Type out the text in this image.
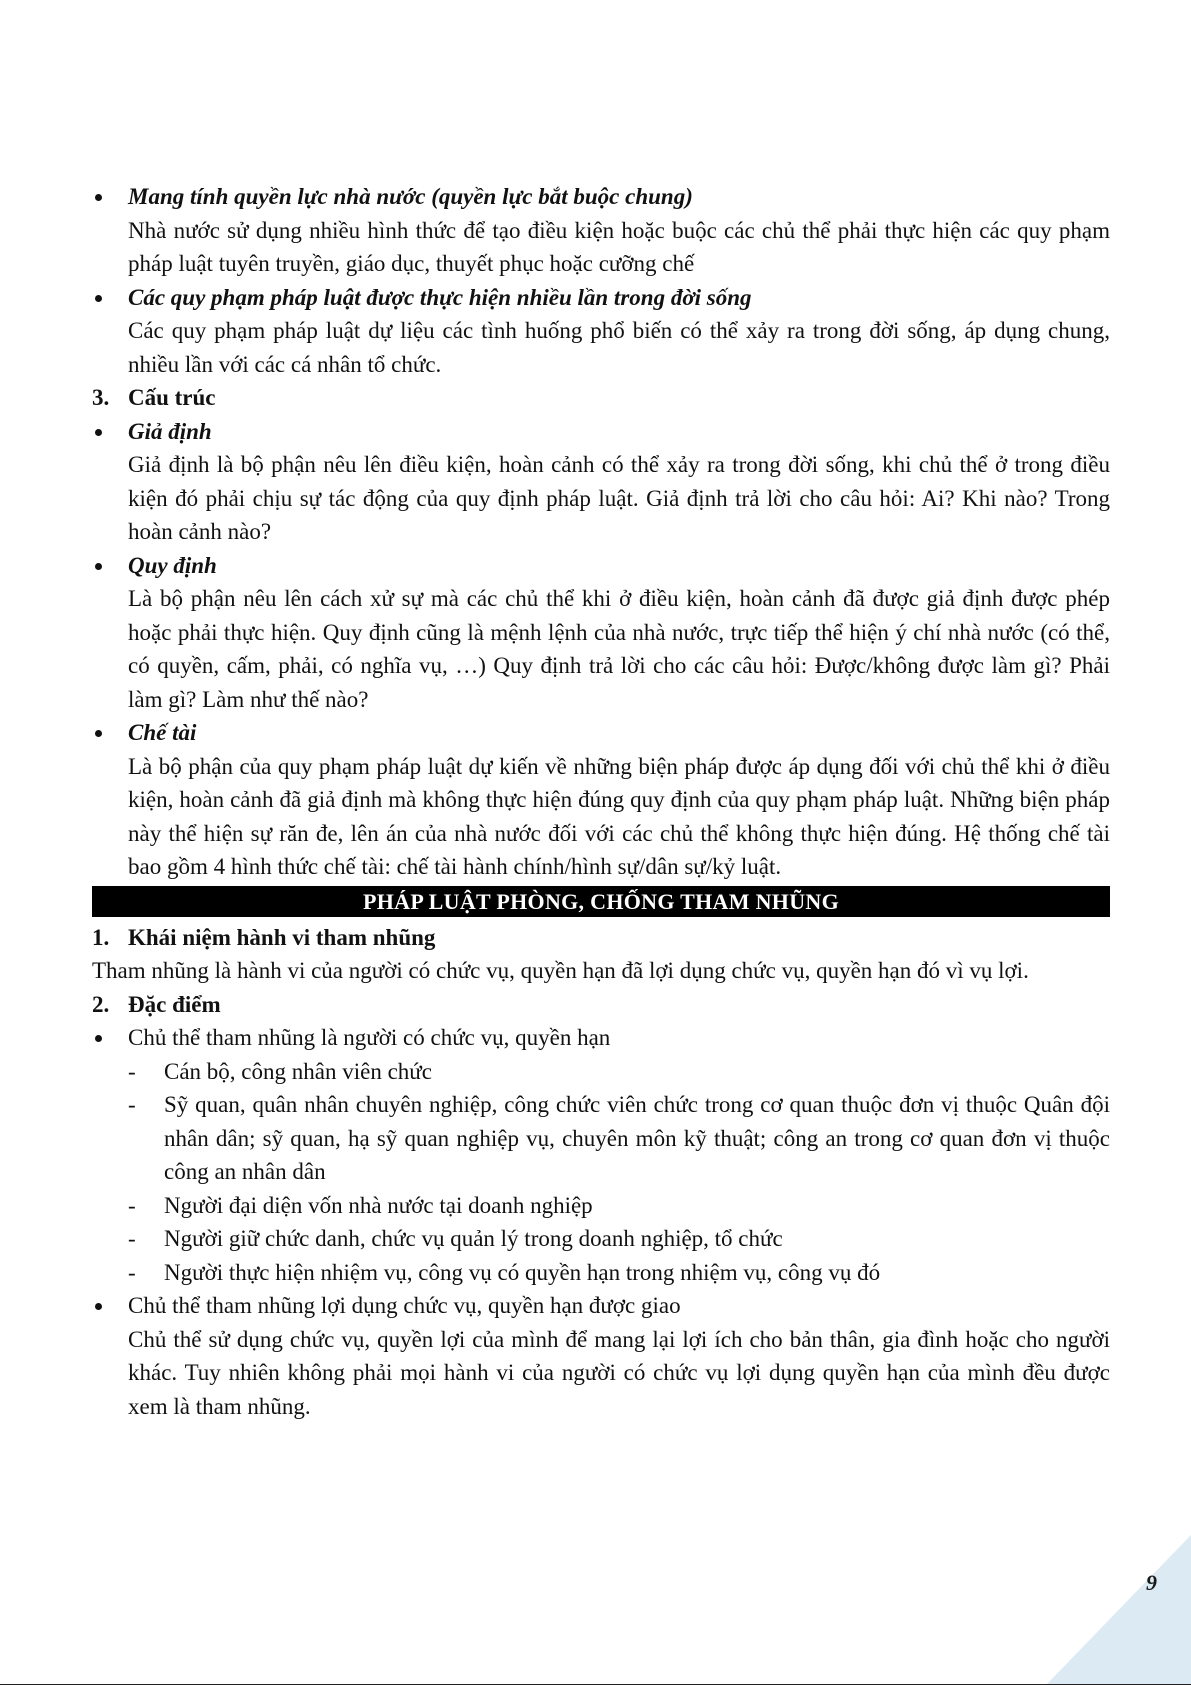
Mang tính quyền lực nhà nước (quyền lực bắt buộc chung)
Nhà nước sử dụng nhiều hình thức để tạo điều kiện hoặc buộc các chủ thể phải thực hiện các quy phạm pháp luật tuyên truyền, giáo dục, thuyết phục hoặc cưỡng chế
Các quy phạm pháp luật được thực hiện nhiều lần trong đời sống
Các quy phạm pháp luật dự liệu các tình huống phổ biến có thể xảy ra trong đời sống, áp dụng chung, nhiều lần với các cá nhân tổ chức.
3. Cấu trúc
Giả định
Giả định là bộ phận nêu lên điều kiện, hoàn cảnh có thể xảy ra trong đời sống, khi chủ thể ở trong điều kiện đó phải chịu sự tác động của quy định pháp luật. Giả định trả lời cho câu hỏi: Ai? Khi nào? Trong hoàn cảnh nào?
Quy định
Là bộ phận nêu lên cách xử sự mà các chủ thể khi ở điều kiện, hoàn cảnh đã được giả định được phép hoặc phải thực hiện. Quy định cũng là mệnh lệnh của nhà nước, trực tiếp thể hiện ý chí nhà nước (có thể, có quyền, cấm, phải, có nghĩa vụ, …) Quy định trả lời cho các câu hỏi: Được/không được làm gì? Phải làm gì? Làm như thế nào?
Chế tài
Là bộ phận của quy phạm pháp luật dự kiến về những biện pháp được áp dụng đối với chủ thể khi ở điều kiện, hoàn cảnh đã giả định mà không thực hiện đúng quy định của quy phạm pháp luật. Những biện pháp này thể hiện sự răn đe, lên án của nhà nước đối với các chủ thể không thực hiện đúng. Hệ thống chế tài bao gồm 4 hình thức chế tài: chế tài hành chính/hình sự/dân sự/kỷ luật.
PHÁP LUẬT PHÒNG, CHỐNG THAM NHŨNG
1. Khái niệm hành vi tham nhũng
Tham nhũng là hành vi của người có chức vụ, quyền hạn đã lợi dụng chức vụ, quyền hạn đó vì vụ lợi.
2. Đặc điểm
Chủ thể tham nhũng là người có chức vụ, quyền hạn
- Cán bộ, công nhân viên chức
- Sỹ quan, quân nhân chuyên nghiệp, công chức viên chức trong cơ quan thuộc đơn vị thuộc Quân đội nhân dân; sỹ quan, hạ sỹ quan nghiệp vụ, chuyên môn kỹ thuật; công an trong cơ quan đơn vị thuộc công an nhân dân
- Người đại diện vốn nhà nước tại doanh nghiệp
- Người giữ chức danh, chức vụ quản lý trong doanh nghiệp, tổ chức
- Người thực hiện nhiệm vụ, công vụ có quyền hạn trong nhiệm vụ, công vụ đó
Chủ thể tham nhũng lợi dụng chức vụ, quyền hạn được giao
Chủ thể sử dụng chức vụ, quyền lợi của mình để mang lại lợi ích cho bản thân, gia đình hoặc cho người khác. Tuy nhiên không phải mọi hành vi của người có chức vụ lợi dụng quyền hạn của mình đều được xem là tham nhũng.
9
